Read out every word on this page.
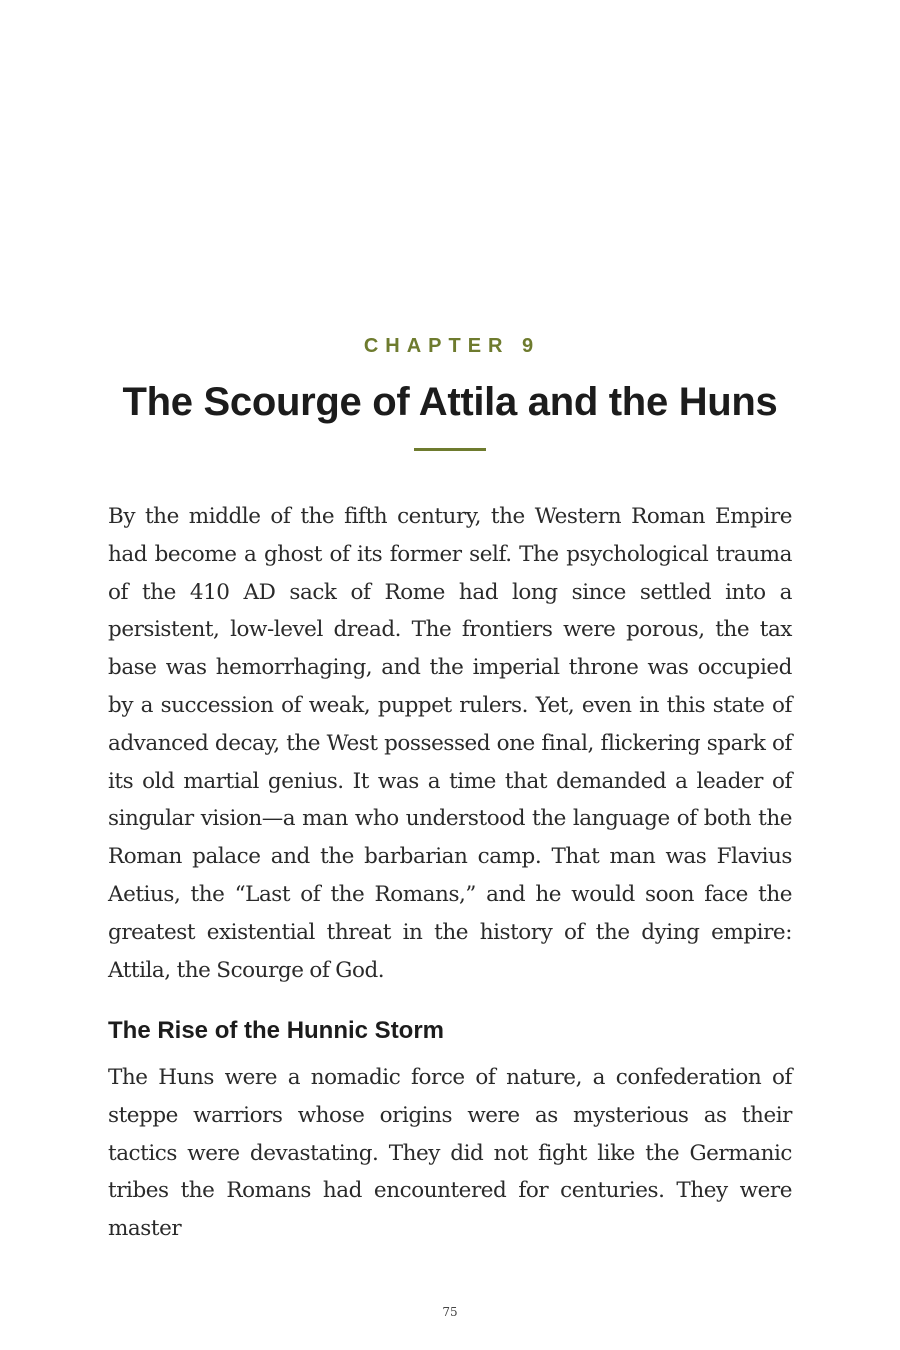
CHAPTER 9
The Scourge of Attila and the Huns

By the middle of the fifth century, the Western Roman Empire had become a ghost of its former self. The psychological trauma of the 410 AD sack of Rome had long since settled into a persistent, low-level dread. The frontiers were porous, the tax base was hemorrhaging, and the imperial throne was occupied by a succession of weak, puppet rulers. Yet, even in this state of advanced decay, the West possessed one final, flickering spark of its old martial genius. It was a time that demanded a leader of singular vision—a man who understood the language of both the Roman palace and the barbarian camp. That man was Flavius Aetius, the “Last of the Romans,” and he would soon face the greatest existential threat in the history of the dying empire: Attila, the Scourge of God.

The Rise of the Hunnic Storm

The Huns were a nomadic force of nature, a confederation of steppe warriors whose origins were as mysterious as their tactics were devastating. They did not fight like the Germanic tribes the Romans had encountered for centuries. They were master

75
